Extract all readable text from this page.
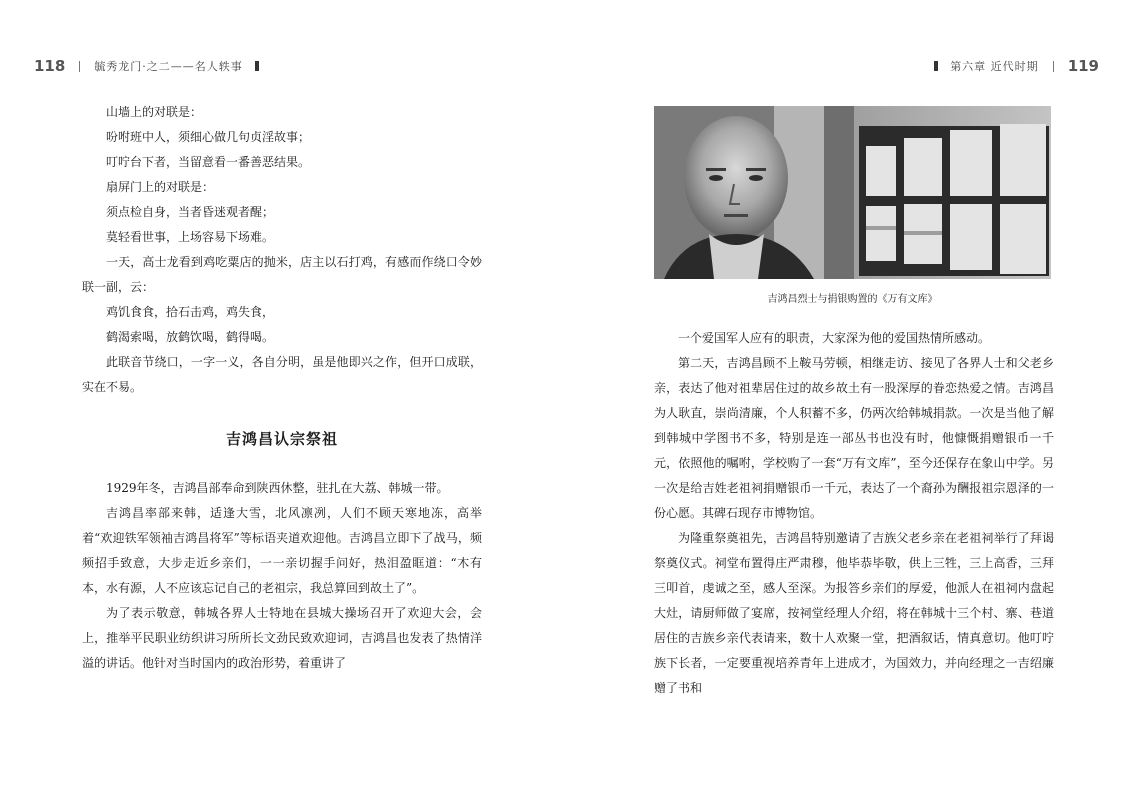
118	毓秀龙门·之二——名人轶事

山墙上的对联是：

吩咐班中人，须细心做几句贞淫故事；

叮咛台下者，当留意看一番善恶结果。

扇屏门上的对联是：

须点检自身，当者昏迷观者醒；

莫轻看世事，上场容易下场难。

一天，高士龙看到鸡吃粟店的抛米，店主以石打鸡，有感而作绕口令妙联一副，云：

鸡饥食食，拾石击鸡，鸡失食，

鹤渴索喝，放鹤饮喝，鹤得喝。

此联音节绕口，一字一义，各自分明，虽是他即兴之作，但开口成联，实在不易。

吉鸿昌认宗祭祖

1929年冬，吉鸿昌部奉命到陕西休整，驻扎在大荔、韩城一带。

吉鸿昌率部来韩，适逢大雪，北风凛冽，人们不顾天寒地冻，高举着“欢迎铁军领袖吉鸿昌将军”等标语夹道欢迎他。吉鸿昌立即下了战马，频频招手致意，大步走近乡亲们，一一亲切握手问好，热泪盈眶道：“木有本，水有源，人不应该忘记自己的老祖宗，我总算回到故土了”。

为了表示敬意，韩城各界人士特地在县城大操场召开了欢迎大会，会上，推举平民职业纺织讲习所所长文劲民致欢迎词，吉鸿昌也发表了热情洋溢的讲话。他针对当时国内的政治形势，着重讲了

第六章 近代时期 119
吉鸿昌烈士与捐银购置的《万有文库》

一个爱国军人应有的职责，大家深为他的爱国热情所感动。

第二天，吉鸿昌顾不上鞍马劳顿，相继走访、接见了各界人士和父老乡亲，表达了他对祖辈居住过的故乡故土有一股深厚的眷恋热爱之情。吉鸿昌为人耿直，崇尚清廉，个人积蓄不多，仍两次给韩城捐款。一次是当他了解到韩城中学图书不多，特别是连一部丛书也没有时，他慷慨捐赠银币一千元，依照他的嘱咐，学校购了一套“万有文库”，至今还保存在象山中学。另一次是给吉姓老祖祠捐赠银币一千元，表达了一个裔孙为酬报祖宗恩泽的一份心愿。其碑石现存市博物馆。

为隆重祭奠祖先，吉鸿昌特别邀请了吉族父老乡亲在老祖祠举行了拜谒祭奠仪式。祠堂布置得庄严肃穆，他毕恭毕敬，供上三牲，三上高香，三拜三叩首，虔诚之至，感人至深。为报答乡亲们的厚爱，他派人在祖祠内盘起大灶，请厨师做了宴席，按祠堂经理人介绍，将在韩城十三个村、寨、巷道居住的吉族乡亲代表请来，数十人欢聚一堂，把酒叙话，情真意切。他叮咛族下长者，一定要重视培养青年上进成才，为国效力，并向经理之一吉绍廉赠了书和
